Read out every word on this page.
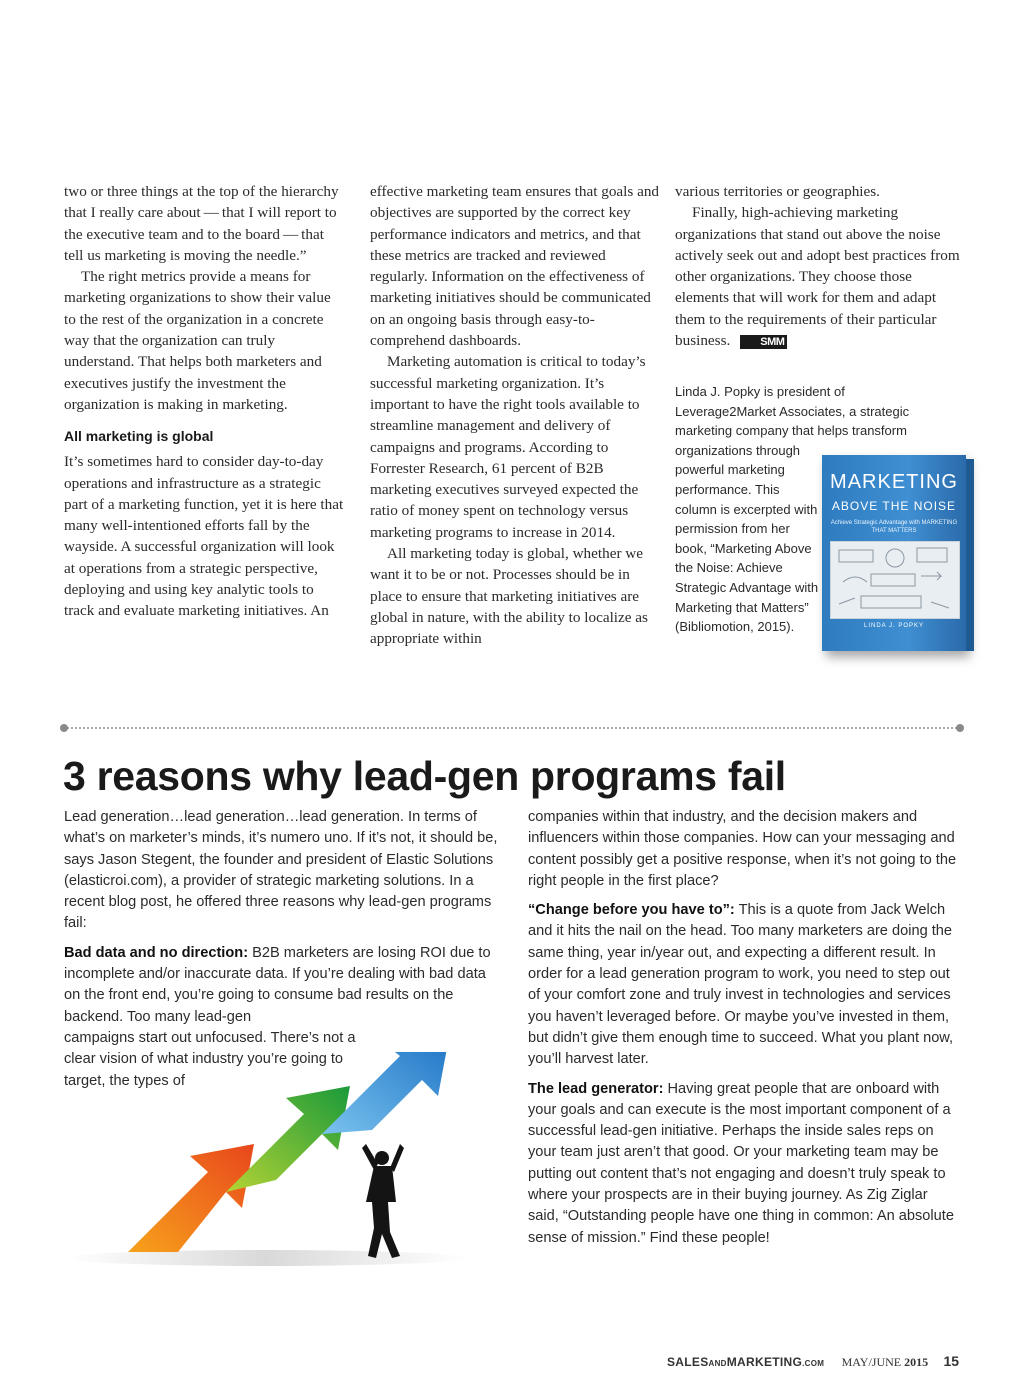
two or three things at the top of the hierarchy that I really care about — that I will report to the executive team and to the board — that tell us marketing is moving the needle.”

The right metrics provide a means for marketing organizations to show their value to the rest of the organization in a concrete way that the organization can truly understand. That helps both marketers and executives justify the investment the organization is making in marketing.

All marketing is global

It’s sometimes hard to consider day-to-day operations and infrastructure as a strategic part of a marketing function, yet it is here that many well-intentioned efforts fall by the wayside. A successful organization will look at operations from a strategic perspective, deploying and using key analytic tools to track and evaluate marketing initiatives. An

effective marketing team ensures that goals and objectives are supported by the correct key performance indicators and metrics, and that these metrics are tracked and reviewed regularly. Information on the effectiveness of marketing initiatives should be communicated on an ongoing basis through easy-to-comprehend dashboards.

Marketing automation is critical to today’s successful marketing organization. It’s important to have the right tools available to streamline management and delivery of campaigns and programs. According to Forrester Research, 61 percent of B2B marketing executives surveyed expected the ratio of money spent on technology versus marketing programs to increase in 2014.

All marketing today is global, whether we want it to be or not. Processes should be in place to ensure that marketing initiatives are global in nature, with the ability to localize as appropriate within

various territories or geographies.

Finally, high-achieving marketing organizations that stand out above the noise actively seek out and adopt best practices from other organizations. They choose those elements that will work for them and adapt them to the requirements of their particular business.	SMM

Linda J. Popky is president of
Leverage2Market Associates, a strategic
marketing company that helps transform
organizations through powerful marketing performance. This column is excerpted with permission from her book, “Marketing Above the Noise: Achieve Strategic Advantage with Marketing that Matters” (Bibliomotion, 2015).
MARKETING
ABOVE THE NOISE
Achieve Strategic Advantage with MARKETING THAT MATTERS
LINDA J. POPKY
3 reasons why lead-gen programs fail

Lead generation…lead generation…lead generation. In terms of what’s on marketer’s minds, it’s numero uno. If it’s not, it should be, says Jason Stegent, the founder and president of Elastic Solutions (elasticroi.com), a provider of strategic marketing solutions. In a recent blog post, he offered three reasons why lead-gen programs fail:

Bad data and no direction: B2B marketers are losing ROI due to incomplete and/or inaccurate data. If you’re dealing with bad data on the front end, you’re going to consume bad results on the backend. Too many lead-gen

campaigns start out unfocused. There’s not a clear vision of what industry you’re going to target, the types of

companies within that industry, and the decision makers and influencers within those companies. How can your messaging and content possibly get a positive response, when it’s not going to the right people in the first place?

“Change before you have to”: This is a quote from Jack Welch and it hits the nail on the head. Too many marketers are doing the same thing, year in/year out, and expecting a different result. In order for a lead generation program to work, you need to step out of your comfort zone and truly invest in technologies and services you haven’t leveraged before. Or maybe you’ve invested in them, but didn’t give them enough time to succeed. What you plant now, you’ll harvest later.

The lead generator: Having great people that are onboard with your goals and can execute is the most important component of a successful lead-gen initiative. Perhaps the inside sales reps on your team just aren’t that good. Or your marketing team may be putting out content that’s not engaging and doesn’t truly speak to where your prospects are in their buying journey. As Zig Ziglar said, “Outstanding people have one thing in common: An absolute sense of mission.” Find these people!

SALESANDMARKETING.COM MAY/JUNE 2015 15
